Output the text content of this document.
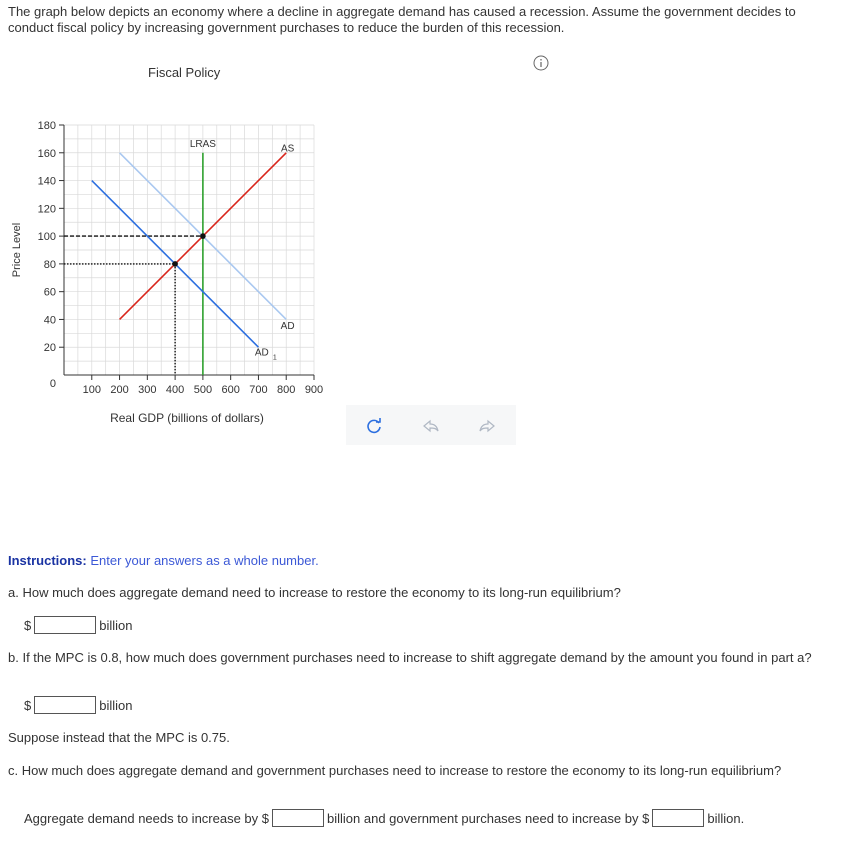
The graph below depicts an economy where a decline in aggregate demand has caused a recession. Assume the government decides to conduct fiscal policy by increasing government purchases to reduce the burden of this recession.
Fiscal Policy
20
40
60
80
100
120
140
160
180
0 100 200 300 400 500 600 700 800 900
Price Level
Real GDP (billions of dollars)
LRAS	AS
AD
AD 1
Instructions: Enter your answers as a whole number.
a. How much does aggregate demand need to increase to restore the economy to its long-run equilibrium?
$	billion
b. If the MPC is 0.8, how much does government purchases need to increase to shift aggregate demand by the amount you found in part a?
$	billion
Suppose instead that the MPC is 0.75.
c. How much does aggregate demand and government purchases need to increase to restore the economy to its long-run equilibrium?
Aggregate demand needs to increase by $	billion and government purchases need to increase by $	billion.
